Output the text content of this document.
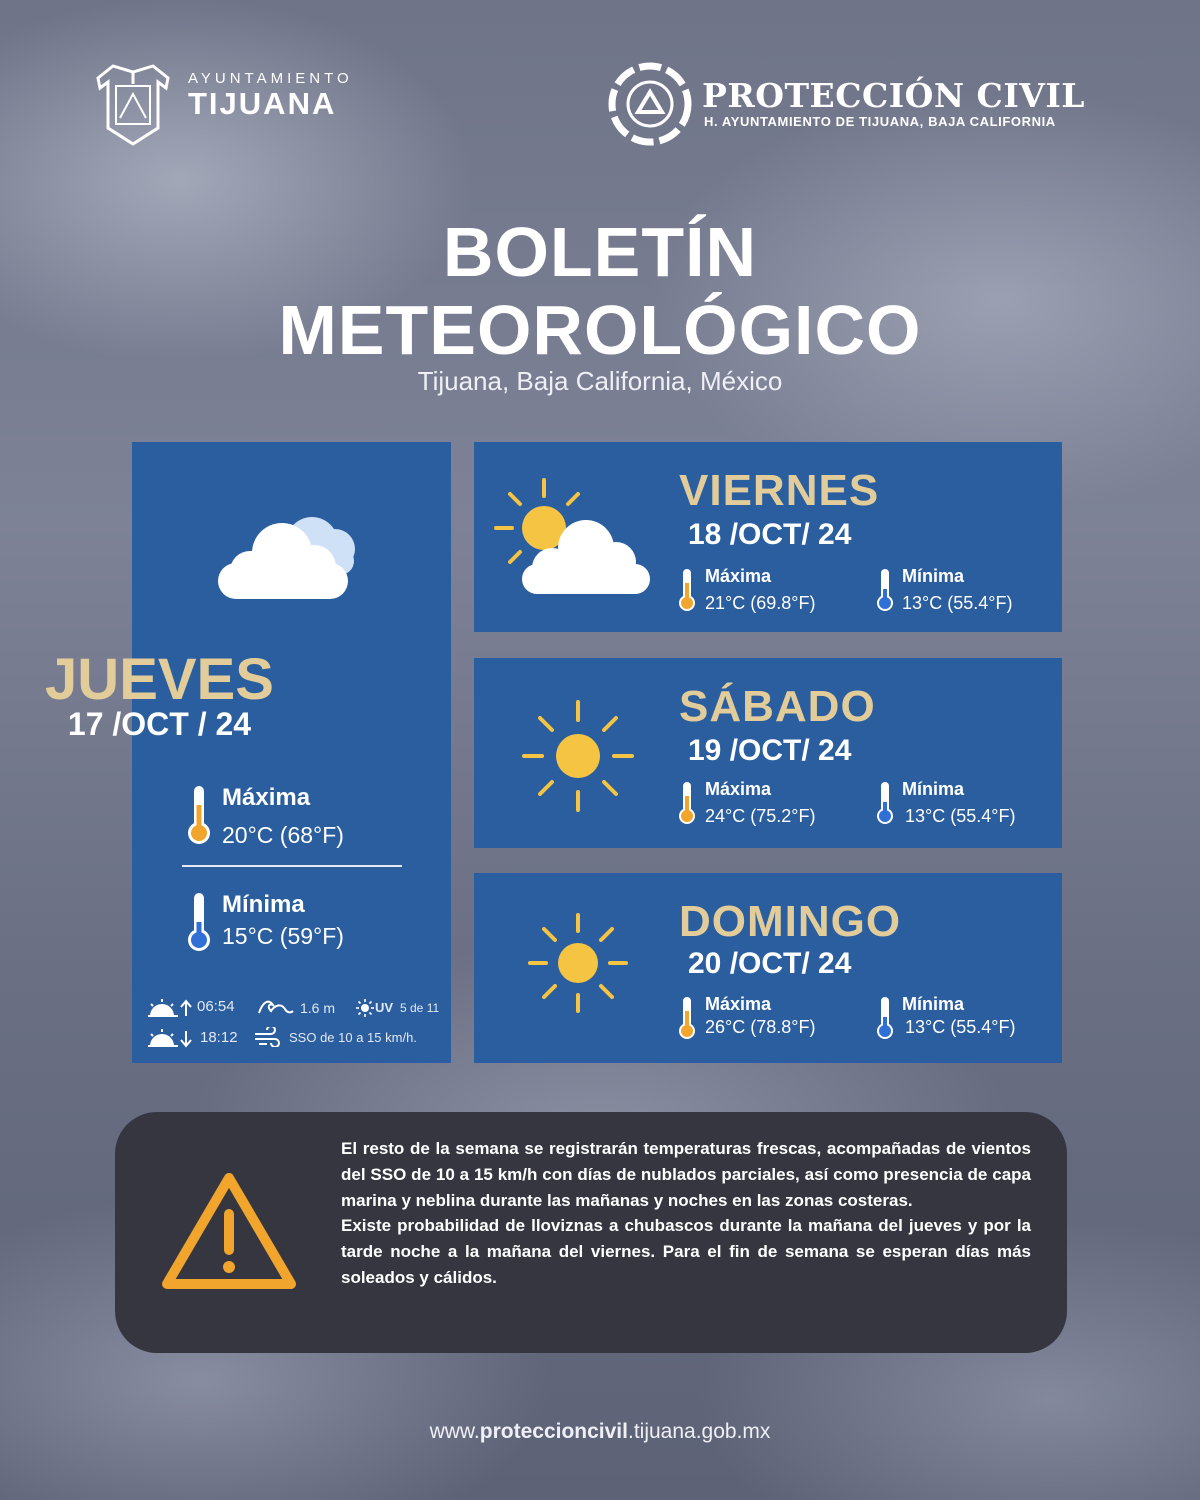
AYUNTAMIENTO
TIJUANA	PROTECCIÓN CIVIL
H. AYUNTAMIENTO DE TIJUANA, BAJA CALIFORNIA
BOLETÍN
METEOROLÓGICO
Tijuana, Baja California, México
JUEVES
17 /OCT / 24
Máxima
20°C (68°F)
Mínima
15°C (59°F)
06:54	1.6 m	UV 5 de 11
18:12	SSO de 10 a 15 km/h.
VIERNES
18 /OCT/ 24
Máxima
21°C (69.8°F)
Mínima
13°C (55.4°F)
SÁBADO
19 /OCT/ 24
Máxima
24°C (75.2°F)
Mínima
13°C (55.4°F)
DOMINGO
20 /OCT/ 24
Máxima
26°C (78.8°F)
Mínima
13°C (55.4°F)

El resto de la semana se registrarán temperaturas frescas, acompañadas de vientos del SSO de 10 a 15 km/h con días de nublados parciales, así como presencia de capa marina y neblina durante las mañanas y noches en las zonas costeras.

Existe probabilidad de lloviznas a chubascos durante la mañana del jueves y por la tarde noche a la mañana del viernes. Para el fin de semana se esperan días más soleados y cálidos.

www.proteccioncivil.tijuana.gob.mx
